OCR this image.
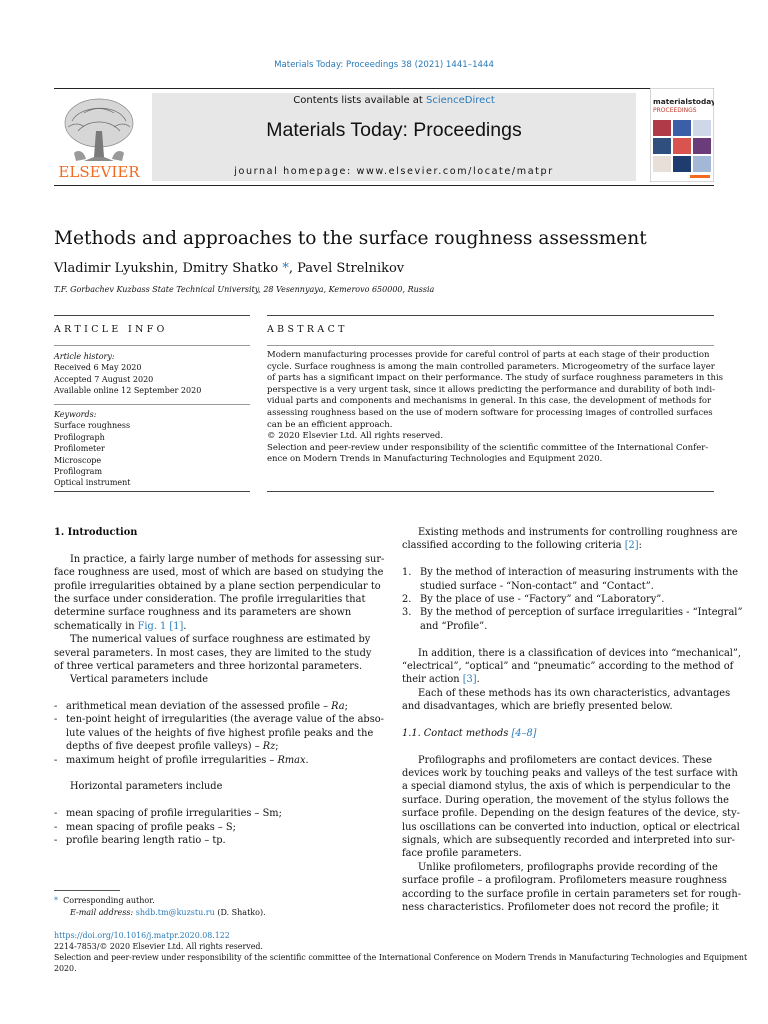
Materials Today: Proceedings 38 (2021) 1441–1444
ELSEVIER
Contents lists available at ScienceDirect
Materials Today: Proceedings
journal homepage: www.elsevier.com/locate/matpr
materialstoday:
PROCEEDINGS
Methods and approaches to the surface roughness assessment
Vladimir Lyukshin, Dmitry Shatko *, Pavel Strelnikov
T.F. Gorbachev Kuzbass State Technical University, 28 Vesennyaya, Kemerovo 650000, Russia
ARTICLE INFO	ABSTRACT
Article history:
Received 6 May 2020
Accepted 7 August 2020
Available online 12 September 2020
Keywords:
Surface roughness
Profilograph
Profilometer
Microscope
Profilogram
Optical instrument
Modern manufacturing processes provide for careful control of parts at each stage of their production
cycle. Surface roughness is among the main controlled parameters. Microgeometry of the surface layer
of parts has a significant impact on their performance. The study of surface roughness parameters in this
perspective is a very urgent task, since it allows predicting the performance and durability of both indi-
vidual parts and components and mechanisms in general. In this case, the development of methods for
assessing roughness based on the use of modern software for processing images of controlled surfaces
can be an efficient approach.
© 2020 Elsevier Ltd. All rights reserved.
Selection and peer-review under responsibility of the scientific committee of the International Confer-
ence on Modern Trends in Manufacturing Technologies and Equipment 2020.
1. Introduction
In practice, a fairly large number of methods for assessing sur-
face roughness are used, most of which are based on studying the
profile irregularities obtained by a plane section perpendicular to
the surface under consideration. The profile irregularities that
determine surface roughness and its parameters are shown
schematically in Fig. 1 [1].
The numerical values of surface roughness are estimated by
several parameters. In most cases, they are limited to the study
of three vertical parameters and three horizontal parameters.
Vertical parameters include
- arithmetical mean deviation of the assessed profile – Ra;
- ten-point height of irregularities (the average value of the abso-
lute values of the heights of five highest profile peaks and the
depths of five deepest profile valleys) – Rz;
- maximum height of profile irregularities – Rmax.
Horizontal parameters include
- mean spacing of profile irregularities – Sm;
- mean spacing of profile peaks – S;
- profile bearing length ratio – tp.
Existing methods and instruments for controlling roughness are
classified according to the following criteria [2]:
1. By the method of interaction of measuring instruments with the
studied surface - “Non-contact” and “Contact”.
2. By the place of use - “Factory” and “Laboratory”.
3. By the method of perception of surface irregularities - “Integral”
and “Profile”.
In addition, there is a classification of devices into “mechanical”,
“electrical”, “optical” and “pneumatic” according to the method of
their action [3].
Each of these methods has its own characteristics, advantages
and disadvantages, which are briefly presented below.
1.1. Contact methods [4–8]
Profilographs and profilometers are contact devices. These
devices work by touching peaks and valleys of the test surface with
a special diamond stylus, the axis of which is perpendicular to the
surface. During operation, the movement of the stylus follows the
surface profile. Depending on the design features of the device, sty-
lus oscillations can be converted into induction, optical or electrical
signals, which are subsequently recorded and interpreted into sur-
face profile parameters.
Unlike profilometers, profilographs provide recording of the
surface profile – a profilogram. Profilometers measure roughness
according to the surface profile in certain parameters set for rough-
ness characteristics. Profilometer does not record the profile; it
* Corresponding author.
E-mail address: shdb.tm@kuzstu.ru (D. Shatko).
https://doi.org/10.1016/j.matpr.2020.08.122
2214-7853/© 2020 Elsevier Ltd. All rights reserved.
Selection and peer-review under responsibility of the scientific committee of the International Conference on Modern Trends in Manufacturing Technologies and Equipment
2020.
